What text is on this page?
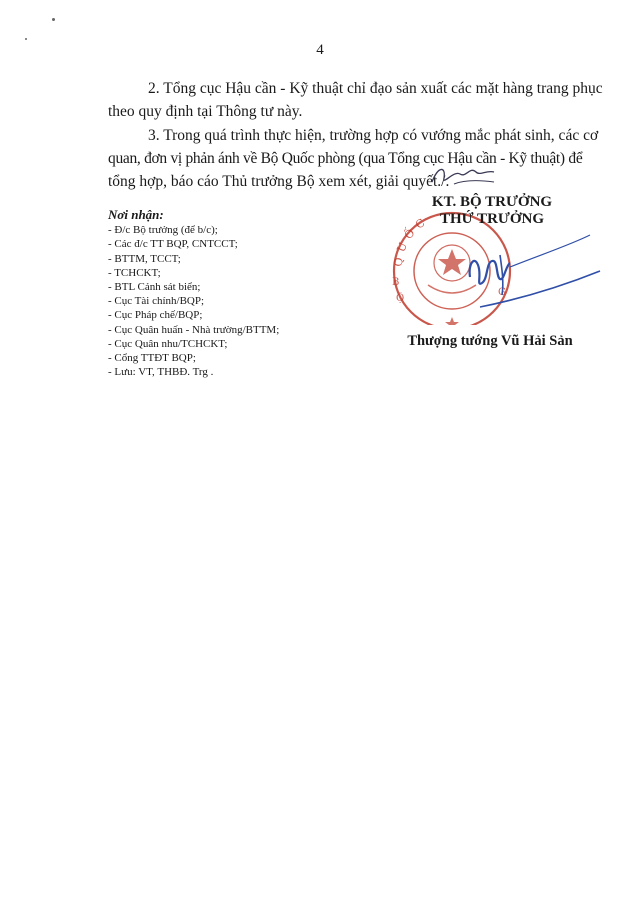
4
2. Tổng cục Hậu cần - Kỹ thuật chỉ đạo sản xuất các mặt hàng trang phục
theo quy định tại Thông tư này.
3. Trong quá trình thực hiện, trường hợp có vướng mắc phát sinh, các cơ
quan, đơn vị phản ánh về Bộ Quốc phòng (qua Tổng cục Hậu cần - Kỹ thuật) để
tổng hợp, báo cáo Thủ trưởng Bộ xem xét, giải quyết./.
Nơi nhận:
- Đ/c Bộ trưởng (để b/c);
- Các đ/c TT BQP, CNTCCT;
- BTTM, TCCT;
- TCHCKT;
- BTL Cảnh sát biển;
- Cục Tài chính/BQP;
- Cục Pháp chế/BQP;
- Cục Quân huấn - Nhà trường/BTTM;
- Cục Quân nhu/TCHCKT;
- Cổng TTĐT BQP;
- Lưu: VT, THBĐ. Trg .
QUỐC
B
Ộ
G
KT. BỘ TRƯỞNG
THỨ TRƯỞNG
Thượng tướng Vũ Hải Sản
